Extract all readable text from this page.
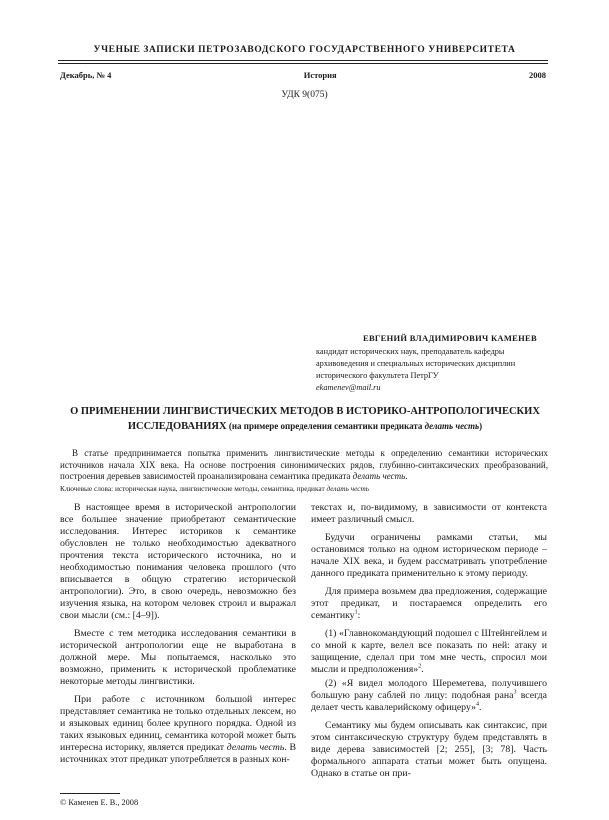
УЧЕНЫЕ ЗАПИСКИ ПЕТРОЗАВОДСКОГО ГОСУДАРСТВЕННОГО УНИВЕРСИТЕТА
Декабрь, № 4	История	2008
УДК 9(075)
ЕВГЕНИЙ ВЛАДИМИРОВИЧ КАМЕНЕВ
кандидат исторических наук, преподаватель кафедры
архивоведения и специальных исторических дисциплин
исторического факультета ПетрГУ
ekamenev@mail.ru
О ПРИМЕНЕНИИ ЛИНГВИСТИЧЕСКИХ МЕТОДОВ В ИСТОРИКО-АНТРОПОЛОГИЧЕСКИХ
ИССЛЕДОВАНИЯХ (на примере определения семантики предиката делать честь)

В статье предпринимается попытка применить лингвистические методы к определению семантики исторических источников начала XIX века. На основе построения синонимических рядов, глубинно-синтаксических преобразований, построения деревьев зависимостей проанализирована семантика предиката делать честь.

Ключевые слова: историческая наука, лингвистические методы, семантика, предикат делать честь

В настоящее время в исторической антропологии все большее значение приобретают семантические исследования. Интерес историков к семантике обусловлен не только необходимостью адекватного прочтения текста исторического источника, но и необходимостью понимания человека прошлого (что вписывается в общую стратегию исторической антропологии). Это, в свою очередь, невозможно без изучения языка, на котором человек строил и выражал свои мысли (см.: [4–9]).

Вместе с тем методика исследования семантики в исторической антропологии еще не выработана в должной мере. Мы попытаемся, насколько это возможно, применить к исторической проблематике некоторые методы лингвистики.

При работе с источником большой интерес представляет семантика не только отдельных лексем, но и языковых единиц более крупного порядка. Одной из таких языковых единиц, семантика которой может быть интересна историку, является предикат делать честь. В источниках этот предикат употребляется в разных кон-

текстах и, по-видимому, в зависимости от контекста имеет различный смысл.

Будучи ограничены рамками статьи, мы остановимся только на одном историческом периоде – начале XIX века, и будем рассматривать употребление данного предиката применительно к этому периоду.

Для примера возьмем два предложения, содержащие этот предикат, и постараемся определить его семантику$^1$:

(1) «Главнокомандующий подошел с Штейнгейлем и со мной к карте, велел все показать по ней: атаку и защищение, сделал при том мне честь, спросил мои мысли и предположения»$^2$.

(2) «Я видел молодого Шереметева, получившего большую рану саблей по лицу: подобная рана$^3$ всегда делает честь кавалерийскому офицеру»$^4$.

Семантику мы будем описывать как синтаксис, при этом синтаксическую структуру будем представлять в виде дерева зависимостей [2; 255], [3; 78]. Часть формального аппарата статьи может быть опущена. Однако в статье он при-

© Каменев Е. В., 2008
